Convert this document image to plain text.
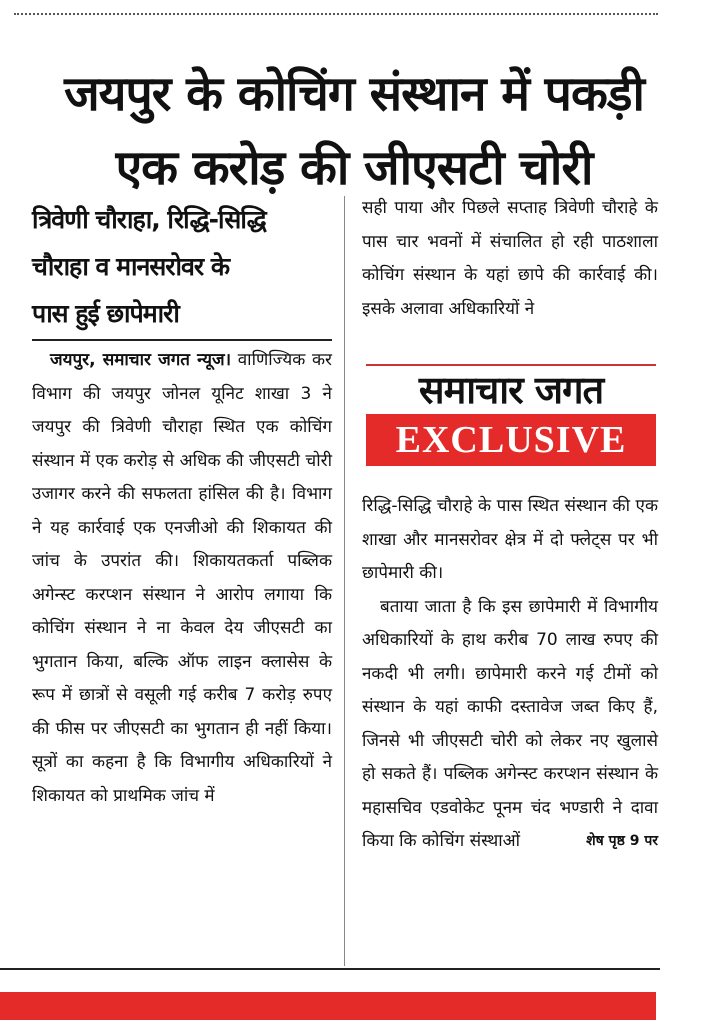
जयपुर के कोचिंग संस्थान में पकड़ी
एक करोड़ की जीएसटी चोरी

त्रिवेणी चौराहा, रिद्धि-सिद्धि

चौराहा व मानसरोवर के

पास हुई छापेमारी

जयपुर, समाचार जगत न्यूज। वाणिज्यिक कर विभाग की जयपुर जोनल यूनिट शाखा 3 ने जयपुर की त्रिवेणी चौराहा स्थित एक कोचिंग संस्थान में एक करोड़ से अधिक की जीएसटी चोरी उजागर करने की सफलता हांसिल की है। विभाग ने यह कार्रवाई एक एनजीओ की शिकायत की जांच के उपरांत की। शिकायतकर्ता पब्लिक अगेन्स्ट करप्शन संस्थान ने आरोप लगाया कि कोचिंग संस्थान ने ना केवल देय जीएसटी का भुगतान किया, बल्कि ऑफ लाइन क्लासेस के रूप में छात्रों से वसूली गई करीब 7 करोड़ रुपए की फीस पर जीएसटी का भुगतान ही नहीं किया। सूत्रों का कहना है कि विभागीय अधिकारियों ने शिकायत को प्राथमिक जांच में

सही पाया और पिछले सप्ताह त्रिवेणी चौराहे के पास चार भवनों में संचालित हो रही पाठशाला कोचिंग संस्थान के यहां छापे की कार्रवाई की। इसके अलावा अधिकारियों ने

समाचार जगत
EXCLUSIVE

रिद्धि-सिद्धि चौराहे के पास स्थित संस्थान की एक शाखा और मानसरोवर क्षेत्र में दो फ्लेट्स पर भी छापेमारी की।

बताया जाता है कि इस छापेमारी में विभागीय अधिकारियों के हाथ करीब 70 लाख रुपए की नकदी भी लगी। छापेमारी करने गई टीमों को संस्थान के यहां काफी दस्तावेज जब्त किए हैं, जिनसे भी जीएसटी चोरी को लेकर नए खुलासे हो सकते हैं। पब्लिक अगेन्स्ट करप्शन संस्थान के महासचिव एडवोकेट पूनम चंद भण्डारी ने दावा किया कि कोचिंग संस्थाओं	शेष पृष्ठ 9 पर
